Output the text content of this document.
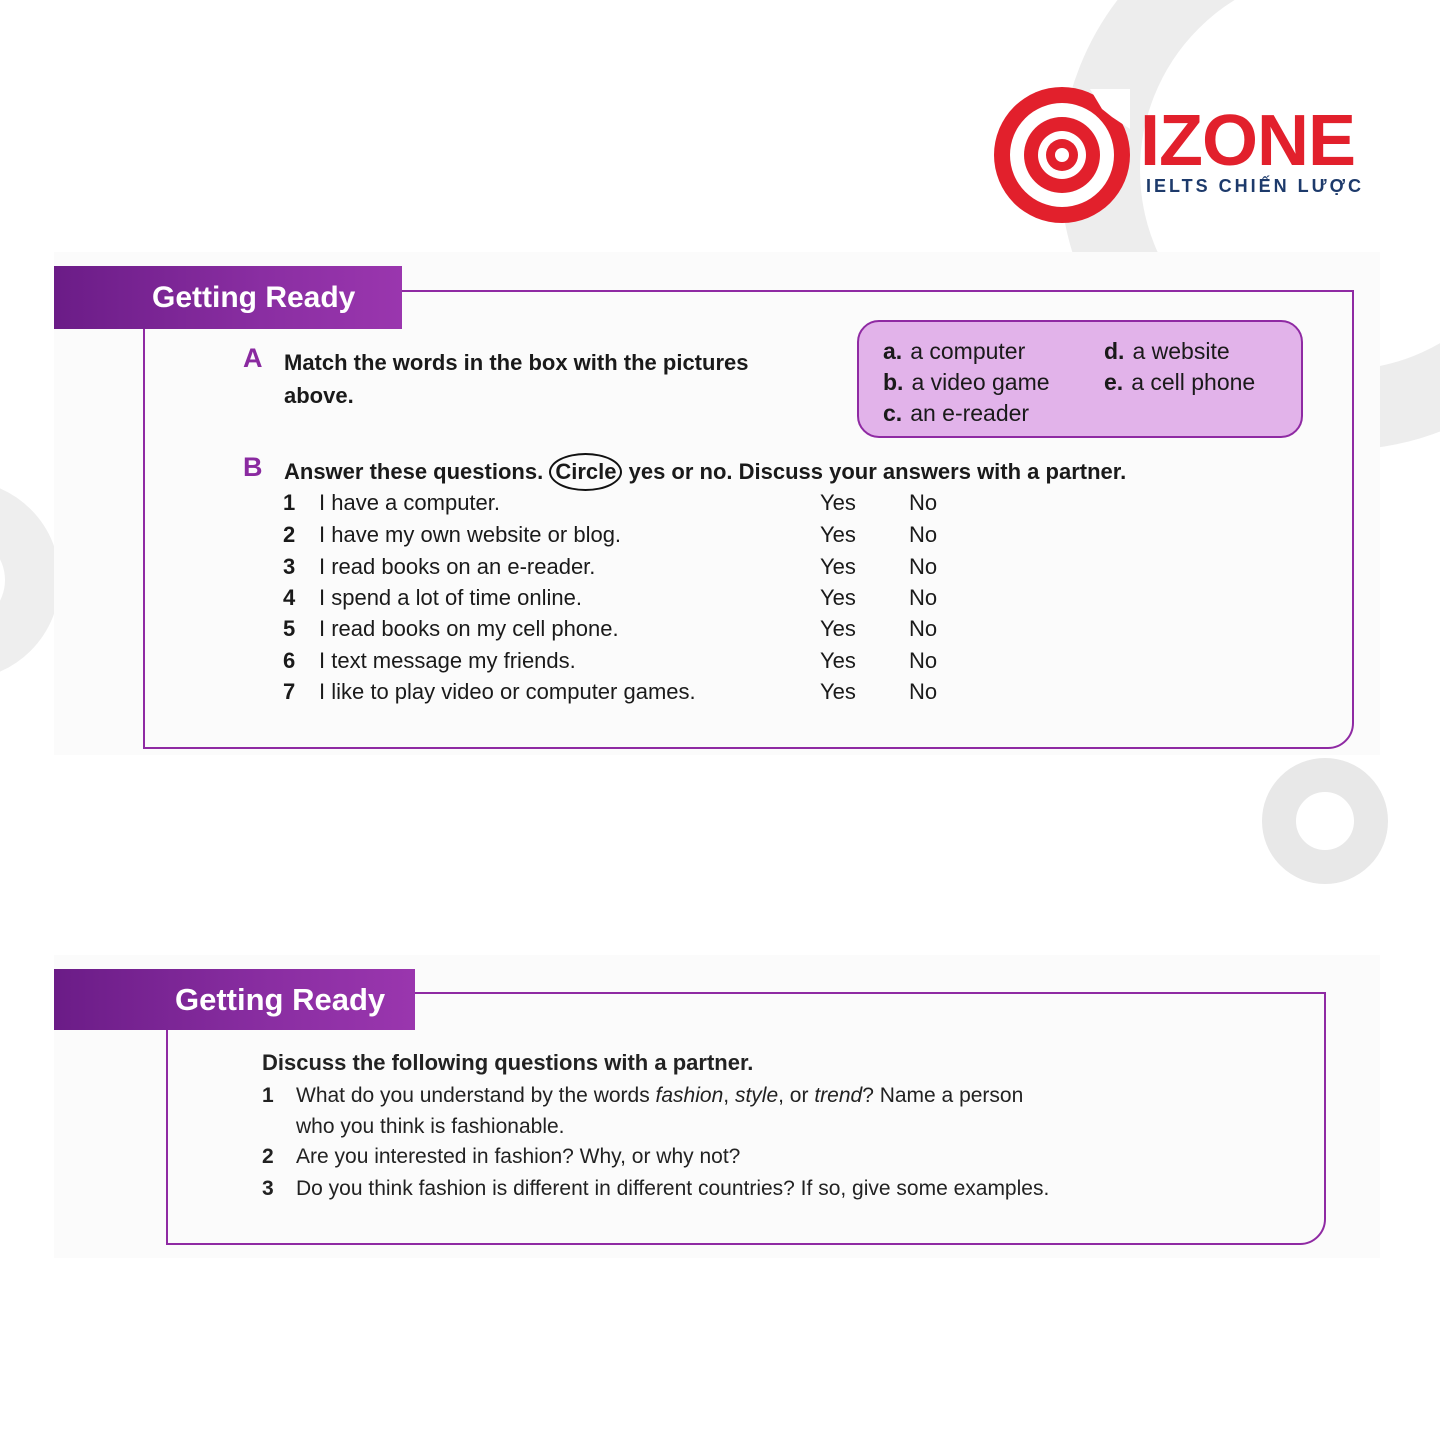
IZONE
IELTS CHIẾN LƯỢC
Getting Ready
A Match the words in the box with the pictures
above.
a. a computer
b. a video game
c. an e-reader
d. a website
e. a cell phone
B Answer these questions. Circle yes or no. Discuss your answers with a partner.
1 I have a computer.	Yes No
2 I have my own website or blog.	Yes No
3 I read books on an e-reader.	Yes No
4 I spend a lot of time online.	Yes No
5 I read books on my cell phone.	Yes No
6 I text message my friends.	Yes No
7 I like to play video or computer games.	Yes No
Getting Ready
Discuss the following questions with a partner.
1 What do you understand by the words fashion, style, or trend? Name a person
who you think is fashionable.
2 Are you interested in fashion? Why, or why not?
3 Do you think fashion is different in different countries? If so, give some examples.
